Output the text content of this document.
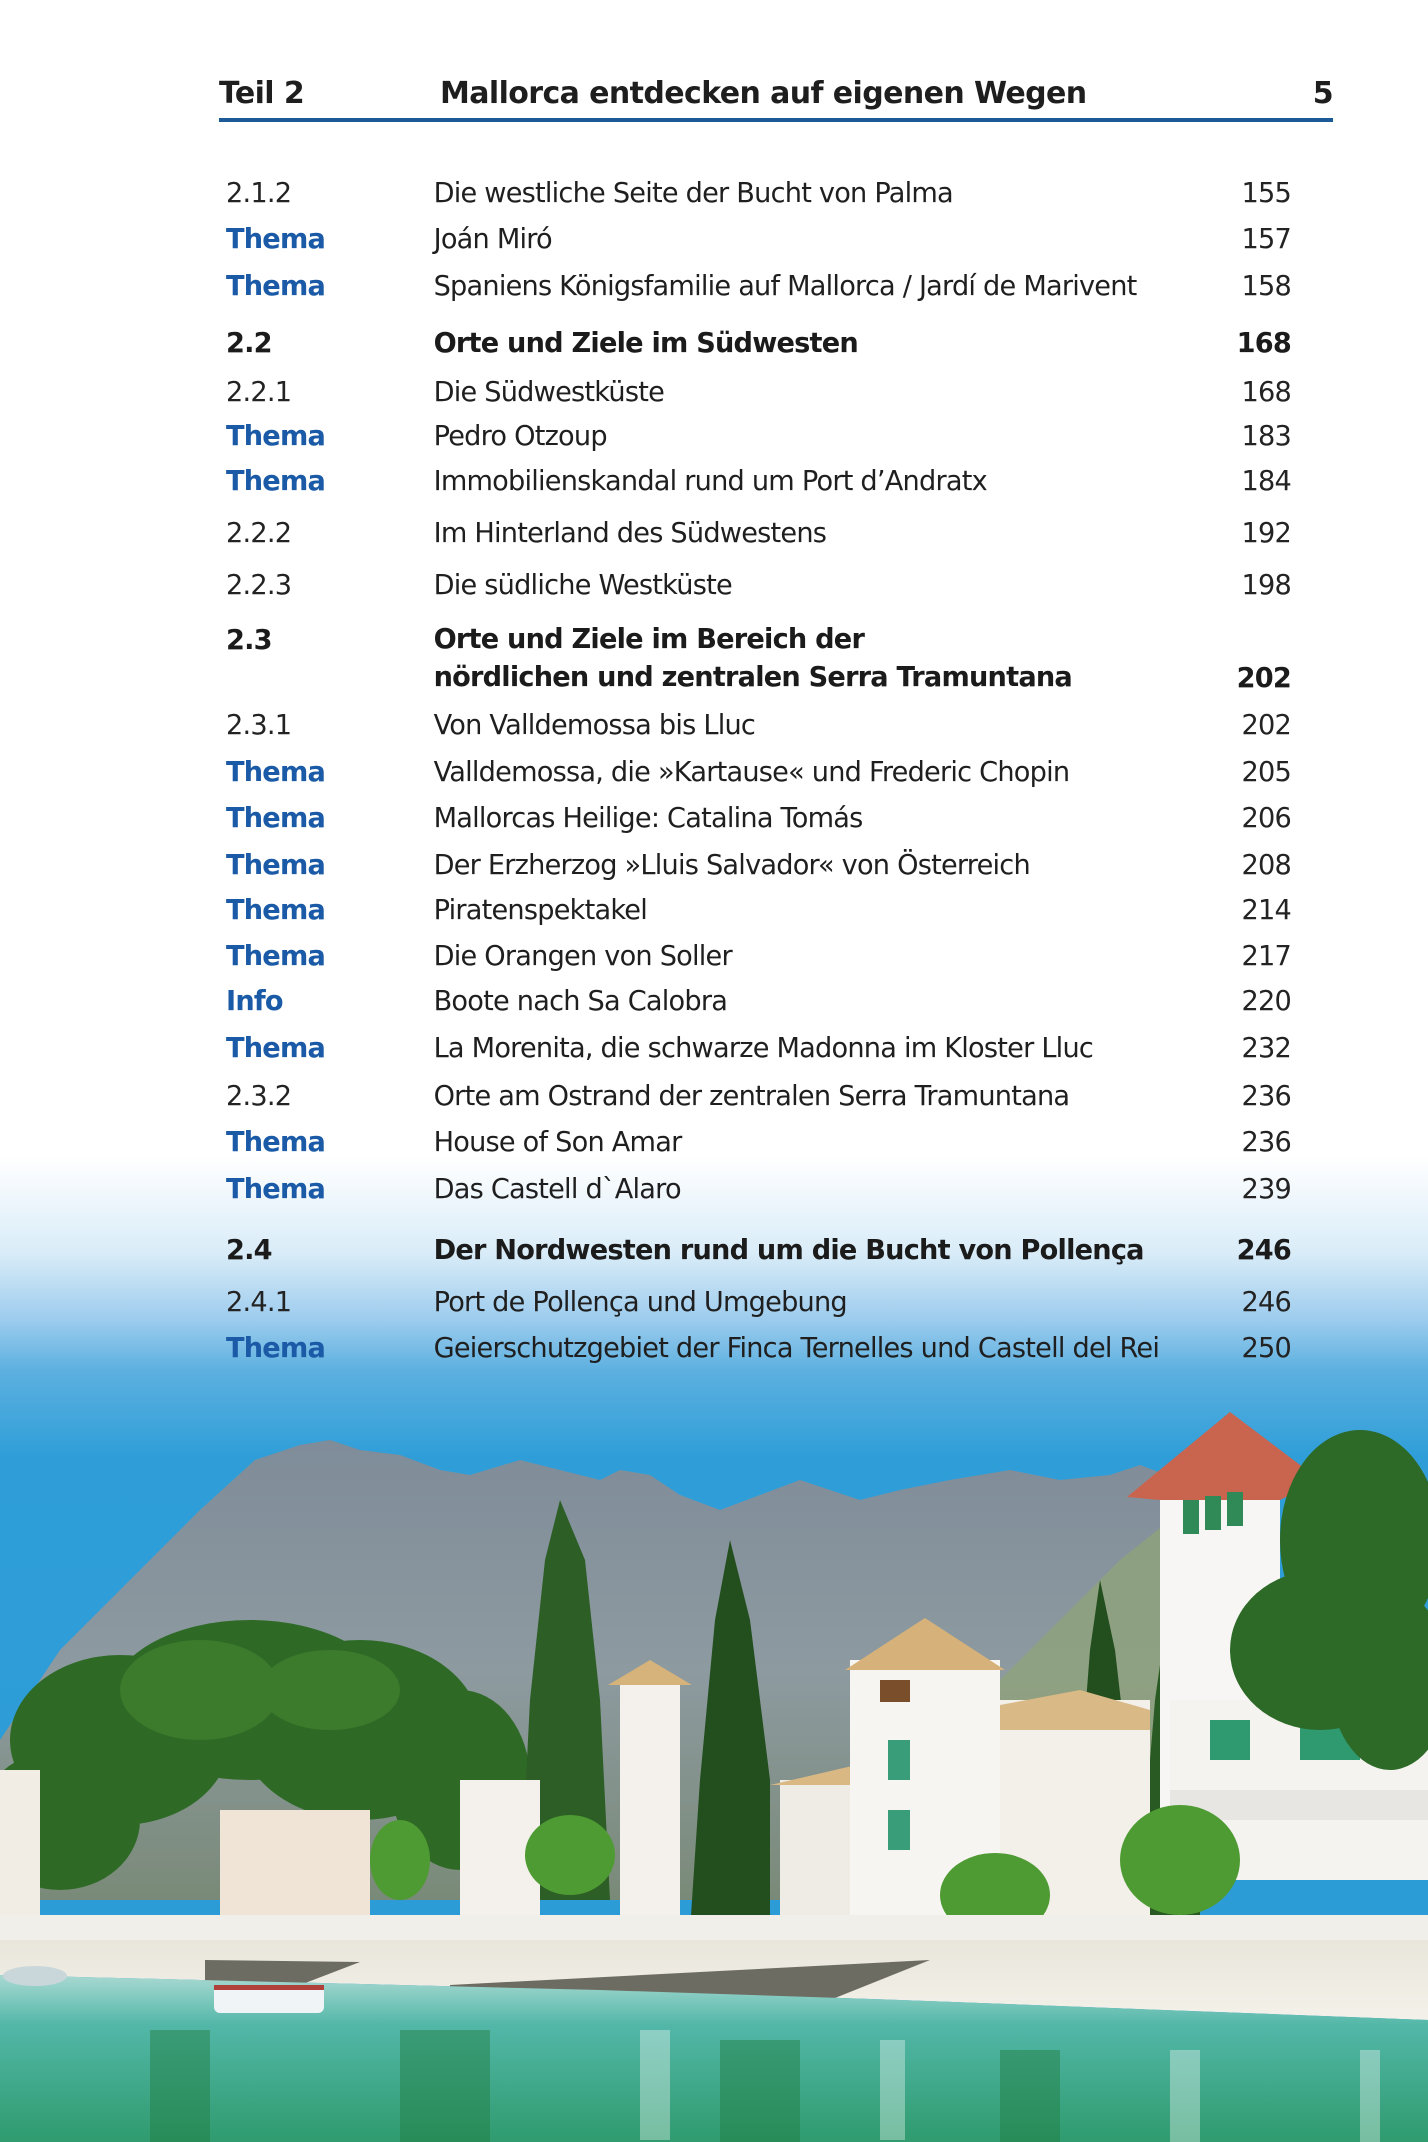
Teil 2	Mallorca entdecken auf eigenen Wegen	5
2.1.2	Die westliche Seite der Bucht von Palma	155
Thema	Joán Miró	157
Thema	Spaniens Königsfamilie auf Mallorca / Jardí de Marivent	158
2.2	Orte und Ziele im Südwesten	168
2.2.1	Die Südwestküste	168
Thema	Pedro Otzoup	183
Thema	Immobilienskandal rund um Port d’Andratx	184
2.2.2	Im Hinterland des Südwestens	192
2.2.3	Die südliche Westküste	198
2.3	Orte und Ziele im Bereich der
nördlichen und zentralen Serra Tramuntana	202
2.3.1	Von Valldemossa bis Lluc	202
Thema	Valldemossa, die »Kartause« und Frederic Chopin	205
Thema	Mallorcas Heilige: Catalina Tomás	206
Thema	Der Erzherzog »Lluis Salvador« von Österreich	208
Thema	Piratenspektakel	214
Thema	Die Orangen von Soller	217
Info	Boote nach Sa Calobra	220
Thema	La Morenita, die schwarze Madonna im Kloster Lluc	232
2.3.2	Orte am Ostrand der zentralen Serra Tramuntana	236
Thema	House of Son Amar	236
Thema	Das Castell d`Alaro	239
2.4	Der Nordwesten rund um die Bucht von Pollença	246
2.4.1	Port de Pollença und Umgebung	246
Thema	Geierschutzgebiet der Finca Ternelles und Castell del Rei	250
